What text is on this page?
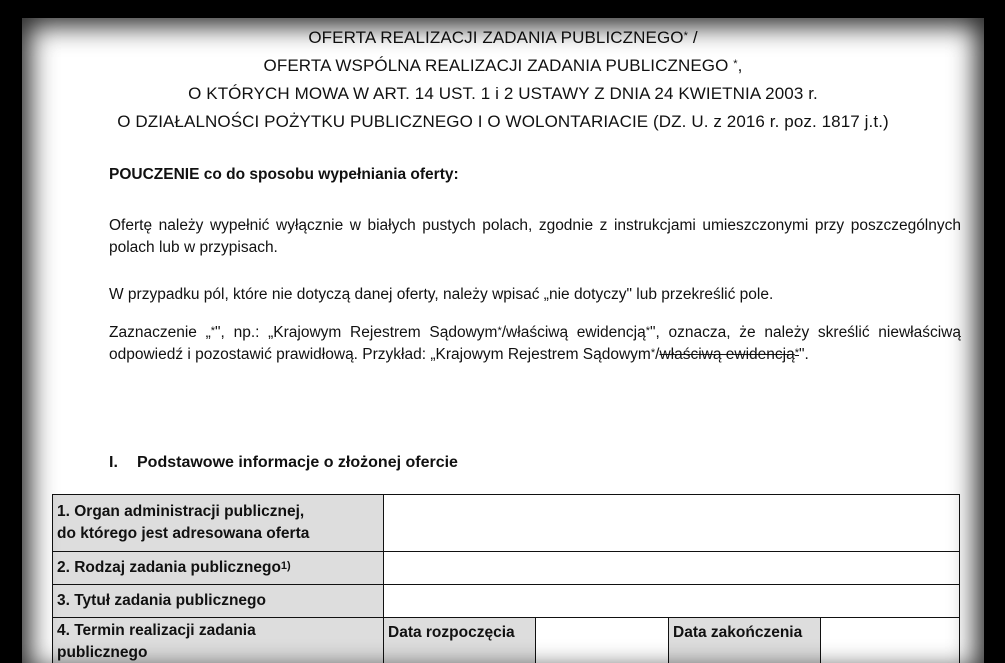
OFERTA REALIZACJI ZADANIA PUBLICZNEGO* /
OFERTA WSPÓLNA REALIZACJI ZADANIA PUBLICZNEGO *,
O KTÓRYCH MOWA W ART. 14 UST. 1 i 2 USTAWY Z DNIA 24 KWIETNIA 2003 r.
O DZIAŁALNOŚCI POŻYTKU PUBLICZNEGO I O WOLONTARIACIE (DZ. U. z 2016 r. poz. 1817 j.t.)
POUCZENIE co do sposobu wypełniania oferty:
Ofertę należy wypełnić wyłącznie w białych pustych polach, zgodnie z instrukcjami umieszczonymi przy poszczególnych polach lub w przypisach.
W przypadku pól, które nie dotyczą danej oferty, należy wpisać „nie dotyczy" lub przekreślić pole.
Zaznaczenie „*", np.: „Krajowym Rejestrem Sądowym*/właściwą ewidencją*", oznacza, że należy skreślić niewłaściwą odpowiedź i pozostawić prawidłową. Przykład: „Krajowym Rejestrem Sądowym*/właściwą ewidencją*".
I. Podstawowe informacje o złożonej ofercie
1. Organ administracji publicznej,
do którego jest adresowana oferta				

2. Rodzaj zadania publicznego$^{1)}$	
3. Tytuł zadania publicznego				

4. Termin realizacji zadania
publicznego	Data rozpoczęcia		Data zakończenia	
